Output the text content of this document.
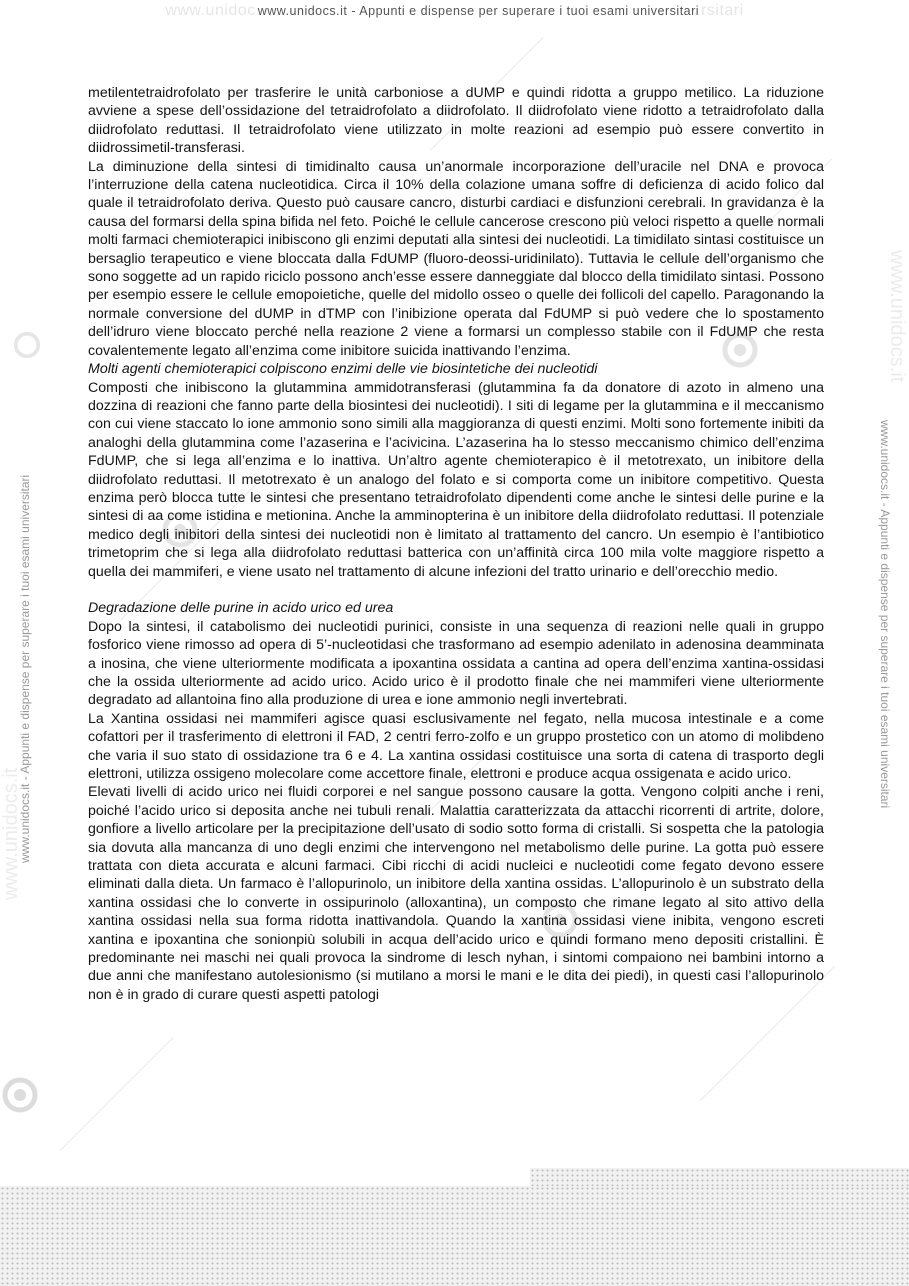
www.unidoc www.unidocs.it - Appunti e dispense per superare i tuoi esami universitari rsitari
www.unidocs.it
www.unidocs.it - Appunti e dispense per superare i tuoi esami universitari
www.unidocs.it
www.unidocs.it - Appunti e dispense per superare i tuoi esami universitari

metilentetraidrofolato per trasferire le unità carboniose a dUMP e quindi ridotta a gruppo metilico. La riduzione avviene a spese dell’ossidazione del tetraidrofolato a diidrofolato. Il diidrofolato viene ridotto a tetraidrofolato dalla diidrofolato reduttasi. Il tetraidrofolato viene utilizzato in molte reazioni ad esempio può essere convertito in diidrossimetil-transferasi.

La diminuzione della sintesi di timidinalto causa un’anormale incorporazione dell’uracile nel DNA e provoca l’interruzione della catena nucleotidica. Circa il 10% della colazione umana soffre di deficienza di acido folico dal quale il tetraidrofolato deriva. Questo può causare cancro, disturbi cardiaci e disfunzioni cerebrali. In gravidanza è la causa del formarsi della spina bifida nel feto. Poiché le cellule cancerose crescono più veloci rispetto a quelle normali molti farmaci chemioterapici inibiscono gli enzimi deputati alla sintesi dei nucleotidi. La timidilato sintasi costituisce un bersaglio terapeutico e viene bloccata dalla FdUMP (fluoro-deossi-uridinilato). Tuttavia le cellule dell’organismo che sono soggette ad un rapido riciclo possono anch’esse essere danneggiate dal blocco della timidilato sintasi. Possono per esempio essere le cellule emopoietiche, quelle del midollo osseo o quelle dei follicoli del capello. Paragonando la normale conversione del dUMP in dTMP con l’inibizione operata dal FdUMP si può vedere che lo spostamento dell’idruro viene bloccato perché nella reazione 2 viene a formarsi un complesso stabile con il FdUMP che resta covalentemente legato all’enzima come inibitore suicida inattivando l’enzima.

Molti agenti chemioterapici colpiscono enzimi delle vie biosintetiche dei nucleotidi

Composti che inibiscono la glutammina ammidotransferasi (glutammina fa da donatore di azoto in almeno una dozzina di reazioni che fanno parte della biosintesi dei nucleotidi). I siti di legame per la glutammina e il meccanismo con cui viene staccato lo ione ammonio sono simili alla maggioranza di questi enzimi. Molti sono fortemente inibiti da analoghi della glutammina come l’azaserina e l’acivicina. L’azaserina ha lo stesso meccanismo chimico dell’enzima FdUMP, che si lega all’enzima e lo inattiva. Un’altro agente chemioterapico è il metotrexato, un inibitore della diidrofolato reduttasi. Il metotrexato è un analogo del folato e si comporta come un inibitore competitivo. Questa enzima però blocca tutte le sintesi che presentano tetraidrofolato dipendenti come anche le sintesi delle purine e la sintesi di aa come istidina e metionina. Anche la amminopterina è un inibitore della diidrofolato reduttasi. Il potenziale medico degli inibitori della sintesi dei nucleotidi non è limitato al trattamento del cancro. Un esempio è l’antibiotico trimetoprim che si lega alla diidrofolato reduttasi batterica con un’affinità circa 100 mila volte maggiore rispetto a quella dei mammiferi, e viene usato nel trattamento di alcune infezioni del tratto urinario e dell’orecchio medio.

Degradazione delle purine in acido urico ed urea

Dopo la sintesi, il catabolismo dei nucleotidi purinici, consiste in una sequenza di reazioni nelle quali in gruppo fosforico viene rimosso ad opera di 5’-nucleotidasi che trasformano ad esempio adenilato in adenosina deamminata a inosina, che viene ulteriormente modificata a ipoxantina ossidata a cantina ad opera dell’enzima xantina-ossidasi che la ossida ulteriormente ad acido urico. Acido urico è il prodotto finale che nei mammiferi viene ulteriormente degradato ad allantoina fino alla produzione di urea e ione ammonio negli invertebrati.

La Xantina ossidasi nei mammiferi agisce quasi esclusivamente nel fegato, nella mucosa intestinale e a come cofattori per il trasferimento di elettroni il FAD, 2 centri ferro-zolfo e un gruppo prostetico con un atomo di molibdeno che varia il suo stato di ossidazione tra 6 e 4. La xantina ossidasi costituisce una sorta di catena di trasporto degli elettroni, utilizza ossigeno molecolare come accettore finale, elettroni e produce acqua ossigenata e acido urico.

Elevati livelli di acido urico nei fluidi corporei e nel sangue possono causare la gotta. Vengono colpiti anche i reni, poiché l’acido urico si deposita anche nei tubuli renali. Malattia caratterizzata da attacchi ricorrenti di artrite, dolore, gonfiore a livello articolare per la precipitazione dell’usato di sodio sotto forma di cristalli. Si sospetta che la patologia sia dovuta alla mancanza di uno degli enzimi che intervengono nel metabolismo delle purine. La gotta può essere trattata con dieta accurata e alcuni farmaci. Cibi ricchi di acidi nucleici e nucleotidi come fegato devono essere eliminati dalla dieta. Un farmaco è l’allopurinolo, un inibitore della xantina ossidas. L’allopurinolo è un substrato della xantina ossidasi che lo converte in ossipurinolo (alloxantina), un composto che rimane legato al sito attivo della xantina ossidasi nella sua forma ridotta inattivandola. Quando la xantina ossidasi viene inibita, vengono escreti xantina e ipoxantina che sonionpiù solubili in acqua dell’acido urico e quindi formano meno depositi cristallini. È predominante nei maschi nei quali provoca la sindrome di lesch nyhan, i sintomi compaiono nei bambini intorno a due anni che manifestano autolesionismo (si mutilano a morsi le mani e le dita dei piedi), in questi casi l’allopurinolo non è in grado di curare questi aspetti patologi
